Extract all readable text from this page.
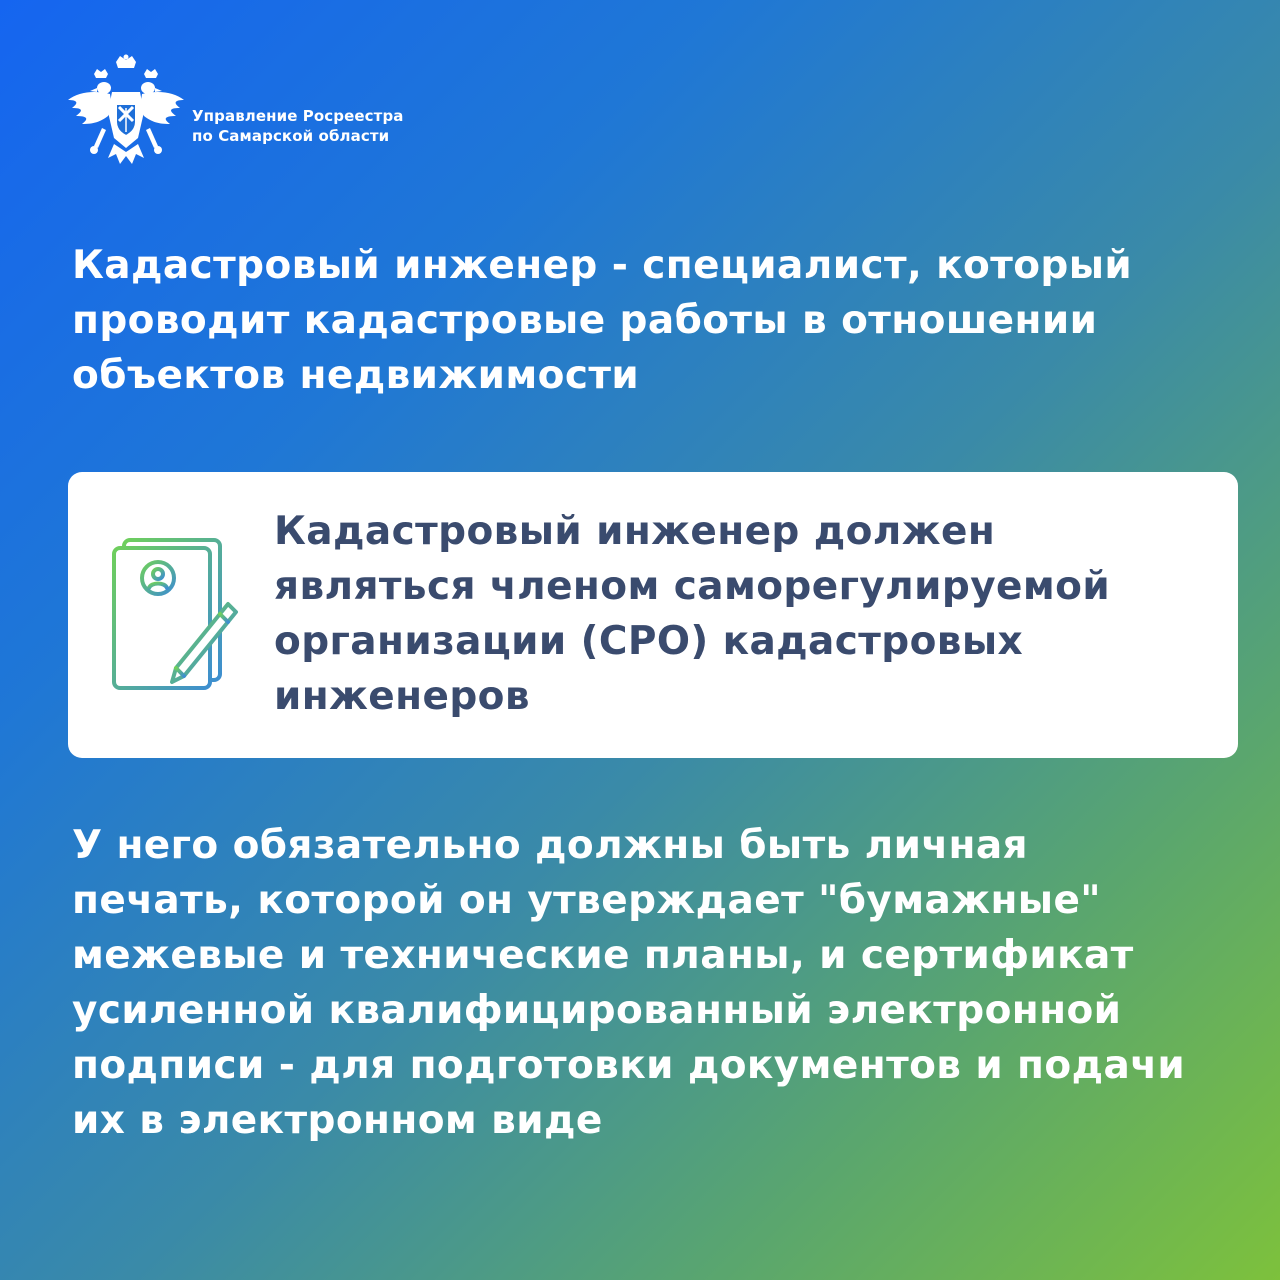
Управление Росреестра
по Самарской области
Кадастровый инженер - специалист, который
проводит кадастровые работы в отношении
объектов недвижимости
Кадастровый инженер должен
являться членом саморегулируемой
организации (СРО) кадастровых
инженеров
У него обязательно должны быть личная
печать, которой он утверждает "бумажные"
межевые и технические планы, и сертификат
усиленной квалифицированный электронной
подписи - для подготовки документов и подачи
их в электронном виде
